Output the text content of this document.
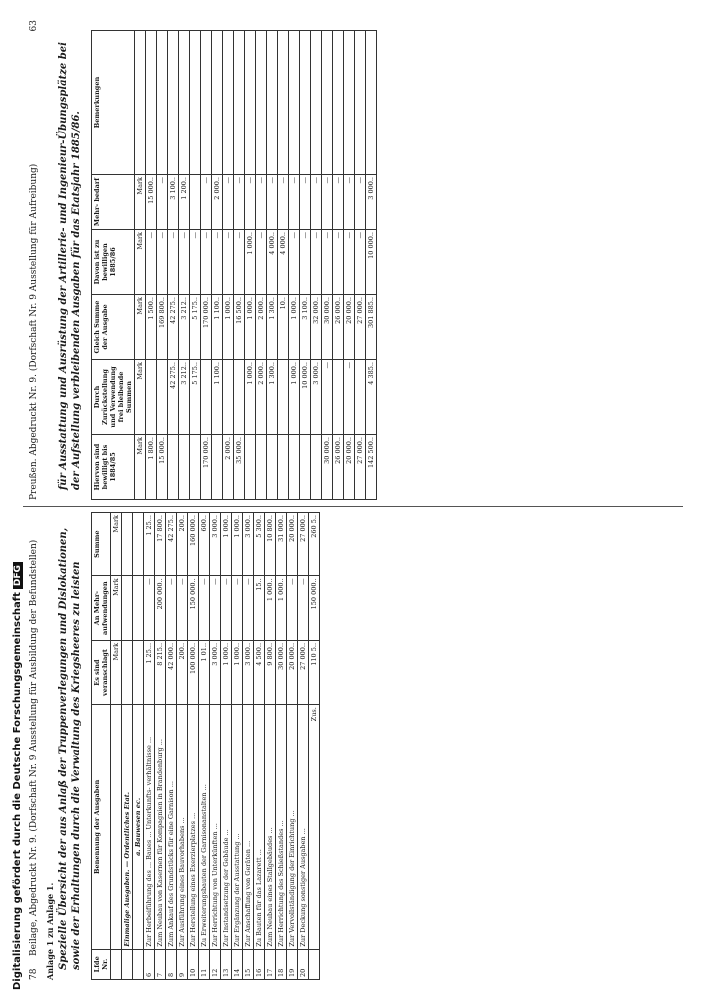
78
Beilage, Abgedruckt Nr. 9. (Dorfschaft Nr. 9 Ausstellung für Ausbildung der Befundstellen) Anlage 1 zu Anlage 1. Spezielle Übersicht der aus Anlaß der Truppenverlegungen und Dislokationen, sowie der Erhaltungen durch die Verwaltung des Kriegsheeres zu leisten Lfde Nr.	Benennung der Ausgaben	Es sind veranschlagt	An Mehr- aufwendungen	Summe
		Mark	Mark	Mark
	Einmalige Ausgaben. — Ordentliches Etat.			
	a. Bauwesen ec.			
6	Zur Herbeiführung des ... Baues ... Unterkunfts- verhältnisse ...	1 25...	—	1 25...
7	Zum Neubau von Kasernen für Kompagnien in Brandenburg ...	8 215..	200 000..	17 800..
8	Zum Ankauf des Grundstücks für eine Garnison ...	42 000..	—	42 275..
9	Zur Ausführung eines Bauvorhabens ...	200..	—	200..
10	Zur Herstellung eines Exerzierplatzes ...	100 000..	150 000..	160 000..
11	Zu Erweiterungsbauten der Garnisonanstalten ...	1 01..	—	600..
12	Zur Herrichtung von Unterkünften ...	3 000..	—	3 000..
13	Zur Instandsetzung der Gebäude ...	1 000..	—	1 000..
14	Zur Ergänzung der Ausstattung ...	1 000..	—	1 000..
15	Zur Anschaffung von Geräten ...	3 000..	—	3 000..
16	Zu Bauten für das Lazarett ...	4 500..	15..	5 300..
17	Zum Neubau eines Stallgebäudes ...	9 800..	1 000..	10 800..
18	Zur Herrichtung des Schießstandes ...	30 000..	1 000..	31 000..
19	Zur Vervollständigung der Einrichtung ...	20 000..	—	20 000..
20	Zur Deckung sonstiger Ausgaben ...	27 000..	—	27 000..
	Zus.	110 5..	150 000..	260 5..
Preußen. Abgedruckt Nr. 9. (Dorfschaft Nr. 9 Ausstellung für Aufreibung)
63
für Ausstattung und Ausrüstung der Artillerie- und Ingenieur-Übungsplätze bei der Aufstellung verbleibenden Ausgaben für das Etatsjahr 1885/86. Hiervon sind bewilligt bis 1884/85	Durch Zurückstellung und Verwendung frei bleibende Summen	Gleich Summe der Ausgabe	Davon ist zu bewilligen 1885/86	Mehr- bedarf	Bemerkungen
Mark	Mark	Mark	Mark	Mark	
1 800..		1 500..	—	15 000..	
15 000..		169 800..	—	—	
	42 275..	42 275..	—	3 100..	
	3 212..	3 212..	—	1 200..	
	5 175..	5 175..	—		
170 000..		170 000..	—	—	
	1 100..	1 100..	—	2 000..	
2 000..		1 000..	—	—	
35 000..		16 500..	—	—	
	1 000..	1 000..	1 000..	—	
	2 000..	2 000..	—	—	
	1 300..	1 300..	4 000..	—	
		10..	4 000..	—	
	1 000..	1 000..	—	—	
	10 000..	3 100..	—	—	
	3 000..	32 000..	—	—	
30 000..	—	30 000..	—	—	
26 000..		26 000..	—	—	
20 000..	—	20 000..	—	—	
27 000..		27 000..	—	—	
142 500..	4 385..	301 885..	10 000..	3 000..	
Digitalisierung gefördert durch die Deutsche ForschungsgemeinschaftDFG
